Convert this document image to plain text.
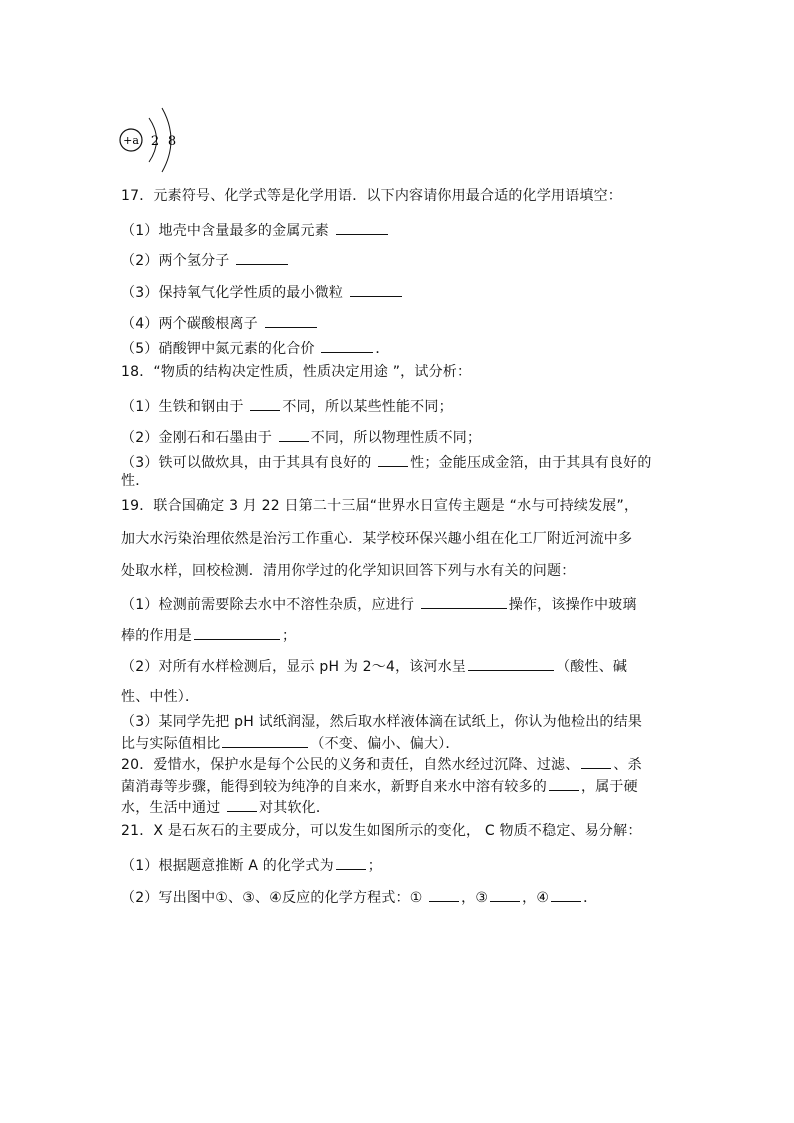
+a 2 8
17．元素符号、化学式等是化学用语．以下内容请你用最合适的化学用语填空：
（1）地壳中含量最多的金属元素
（2）两个氢分子
（3）保持氧气化学性质的最小微粒
（4）两个碳酸根离子
（5）硝酸钾中氮元素的化合价	．
18．“物质的结构决定性质，性质决定用途 ”，试分析：
（1）生铁和钢由于	不同，所以某些性能不同；
（2）金刚石和石墨由于	不同，所以物理性质不同；
（3）铁可以做炊具，由于其具有良好的	性；金能压成金箔，由于其具有良好的
性．
19．联合国确定 3 月 22 日第二十三届“世界水日宣传主题是 “水与可持续发展”，
加大水污染治理依然是治污工作重心．某学校环保兴趣小组在化工厂附近河流中多
处取水样，回校检测．清用你学过的化学知识回答下列与水有关的问题：
（1）检测前需要除去水中不溶性杂质，应进行	操作，该操作中玻璃
棒的作用是	；
（2）对所有水样检测后，显示 pH 为 2～4，该河水呈	（酸性、碱
性、中性）．
（3）某同学先把 pH 试纸润湿，然后取水样液体滴在试纸上，你认为他检出的结果
比与实际值相比	（不变、偏小、偏大）．
20．爱惜水，保护水是每个公民的义务和责任，自然水经过沉降、过滤、 、杀
菌消毒等步骤，能得到较为纯净的自来水，新野自来水中溶有较多的 ，属于硬
水，生活中通过	对其软化．
21．X 是石灰石的主要成分，可以发生如图所示的变化， C 物质不稳定、易分解：
（1）根据题意推断 A 的化学式为 ；
（2）写出图中①、③、④反应的化学方程式：①	，③ ，④ ．
